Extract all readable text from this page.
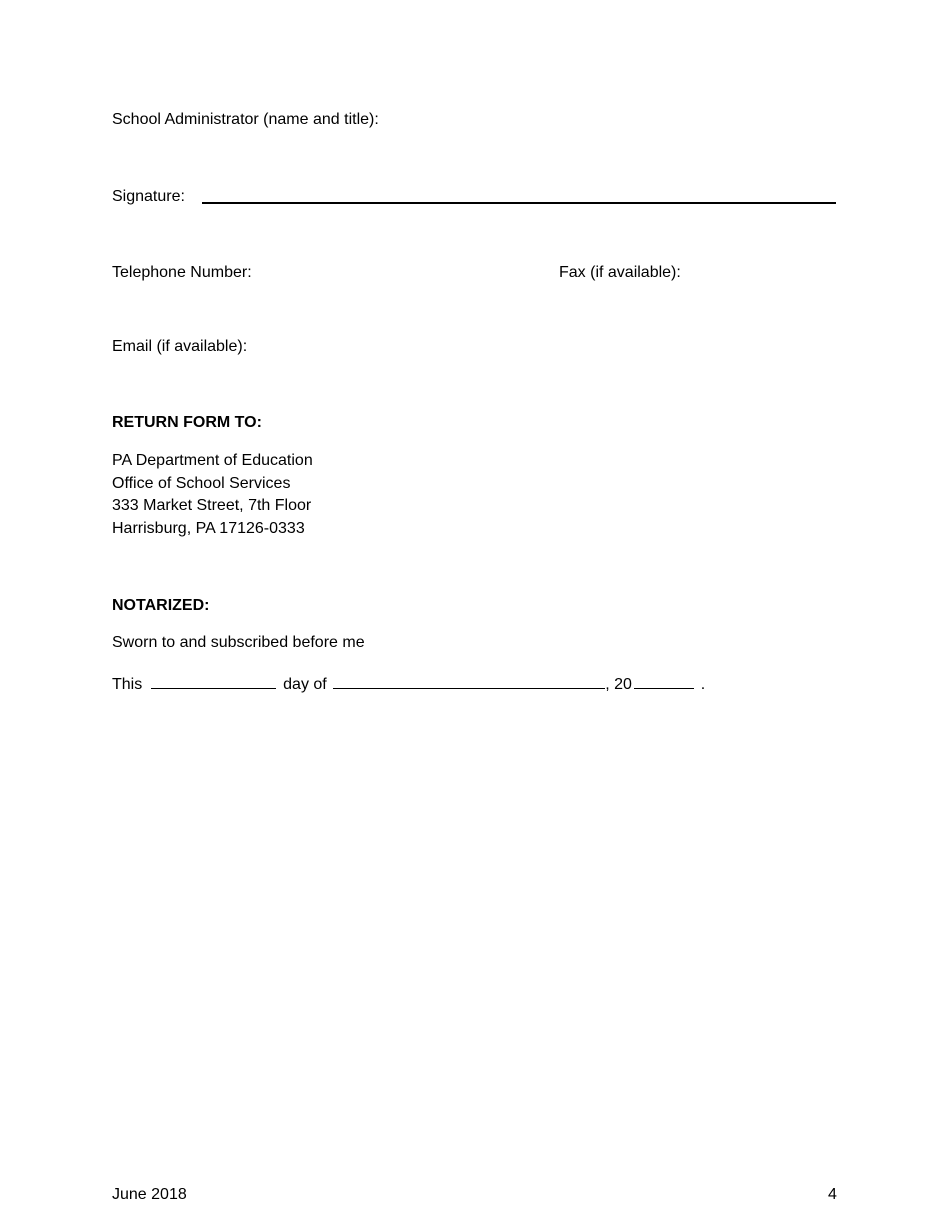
School Administrator (name and title):
Signature:
Telephone Number:	Fax (if available):
Email (if available):
RETURN FORM TO:
PA Department of Education
Office of School Services
333 Market Street, 7th Floor
Harrisburg, PA 17126-0333
NOTARIZED:
Sworn to and subscribed before me
This	day of	, 20	.
June 2018	4
